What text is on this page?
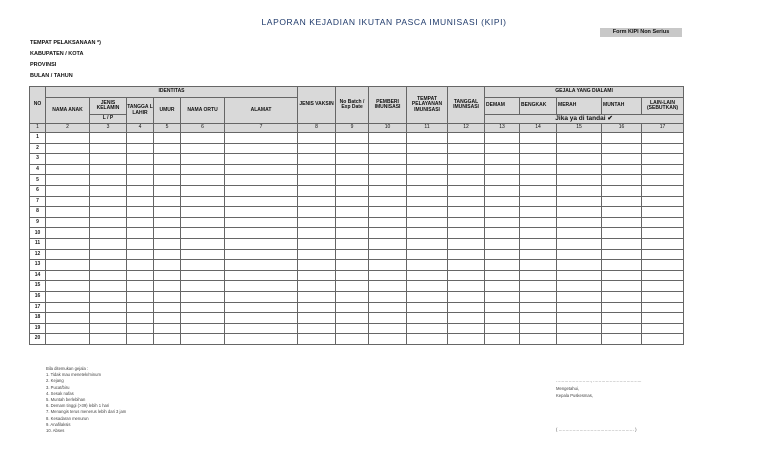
LAPORAN KEJADIAN IKUTAN PASCA IMUNISASI (KIPI)
Form KIPI Non Serius
TEMPAT PELAKSANAAN *)
KABUPATEN / KOTA
PROVINSI
BULAN / TAHUN
NO	IDENTITAS						JENIS VAKSIN	No Batch / Exp Date	PEMBERI IMUNISASI	TEMPAT PELAYANAN IMUNISASI	TANGGAL IMUNISASI	GEJALA YANG DIALAMI				
	NAMA ANAK	JENIS KELAMIN	TANGGA L LAHIR	UMUR	NAMA ORTU	ALAMAT						DEMAM	BENGKAK	MERAH	MUNTAH	LAIN-LAIN (SEBUTKAN)
		L / P										Jika ya di tandai ✔				
1	2	3	4	5	6	7	8	9	10	11	12	13	14	15	16	17
1																
2																
3																
4																
5																
6																
7																
8																
9																
10																
11																
12																
13																
14																
15																
16																
17																
18																
19																
20																
Bila ditemukan gejala :
1. Tidak mau menetek/minum
2. Kejang
3. Pucat/biru
4. Sesak nafas
5. Muntah berlebihan
6. Demam tinggi (>39) lebih 1 hari
7. Menangis terus menerus lebih dari 3 jam
8. Kesadaran menurun
9. Anafilaksis
10. Abses
……………………., ……………………………..
Mengetahui,
Kepala Puskesmas,
( ……………………………………………… )
